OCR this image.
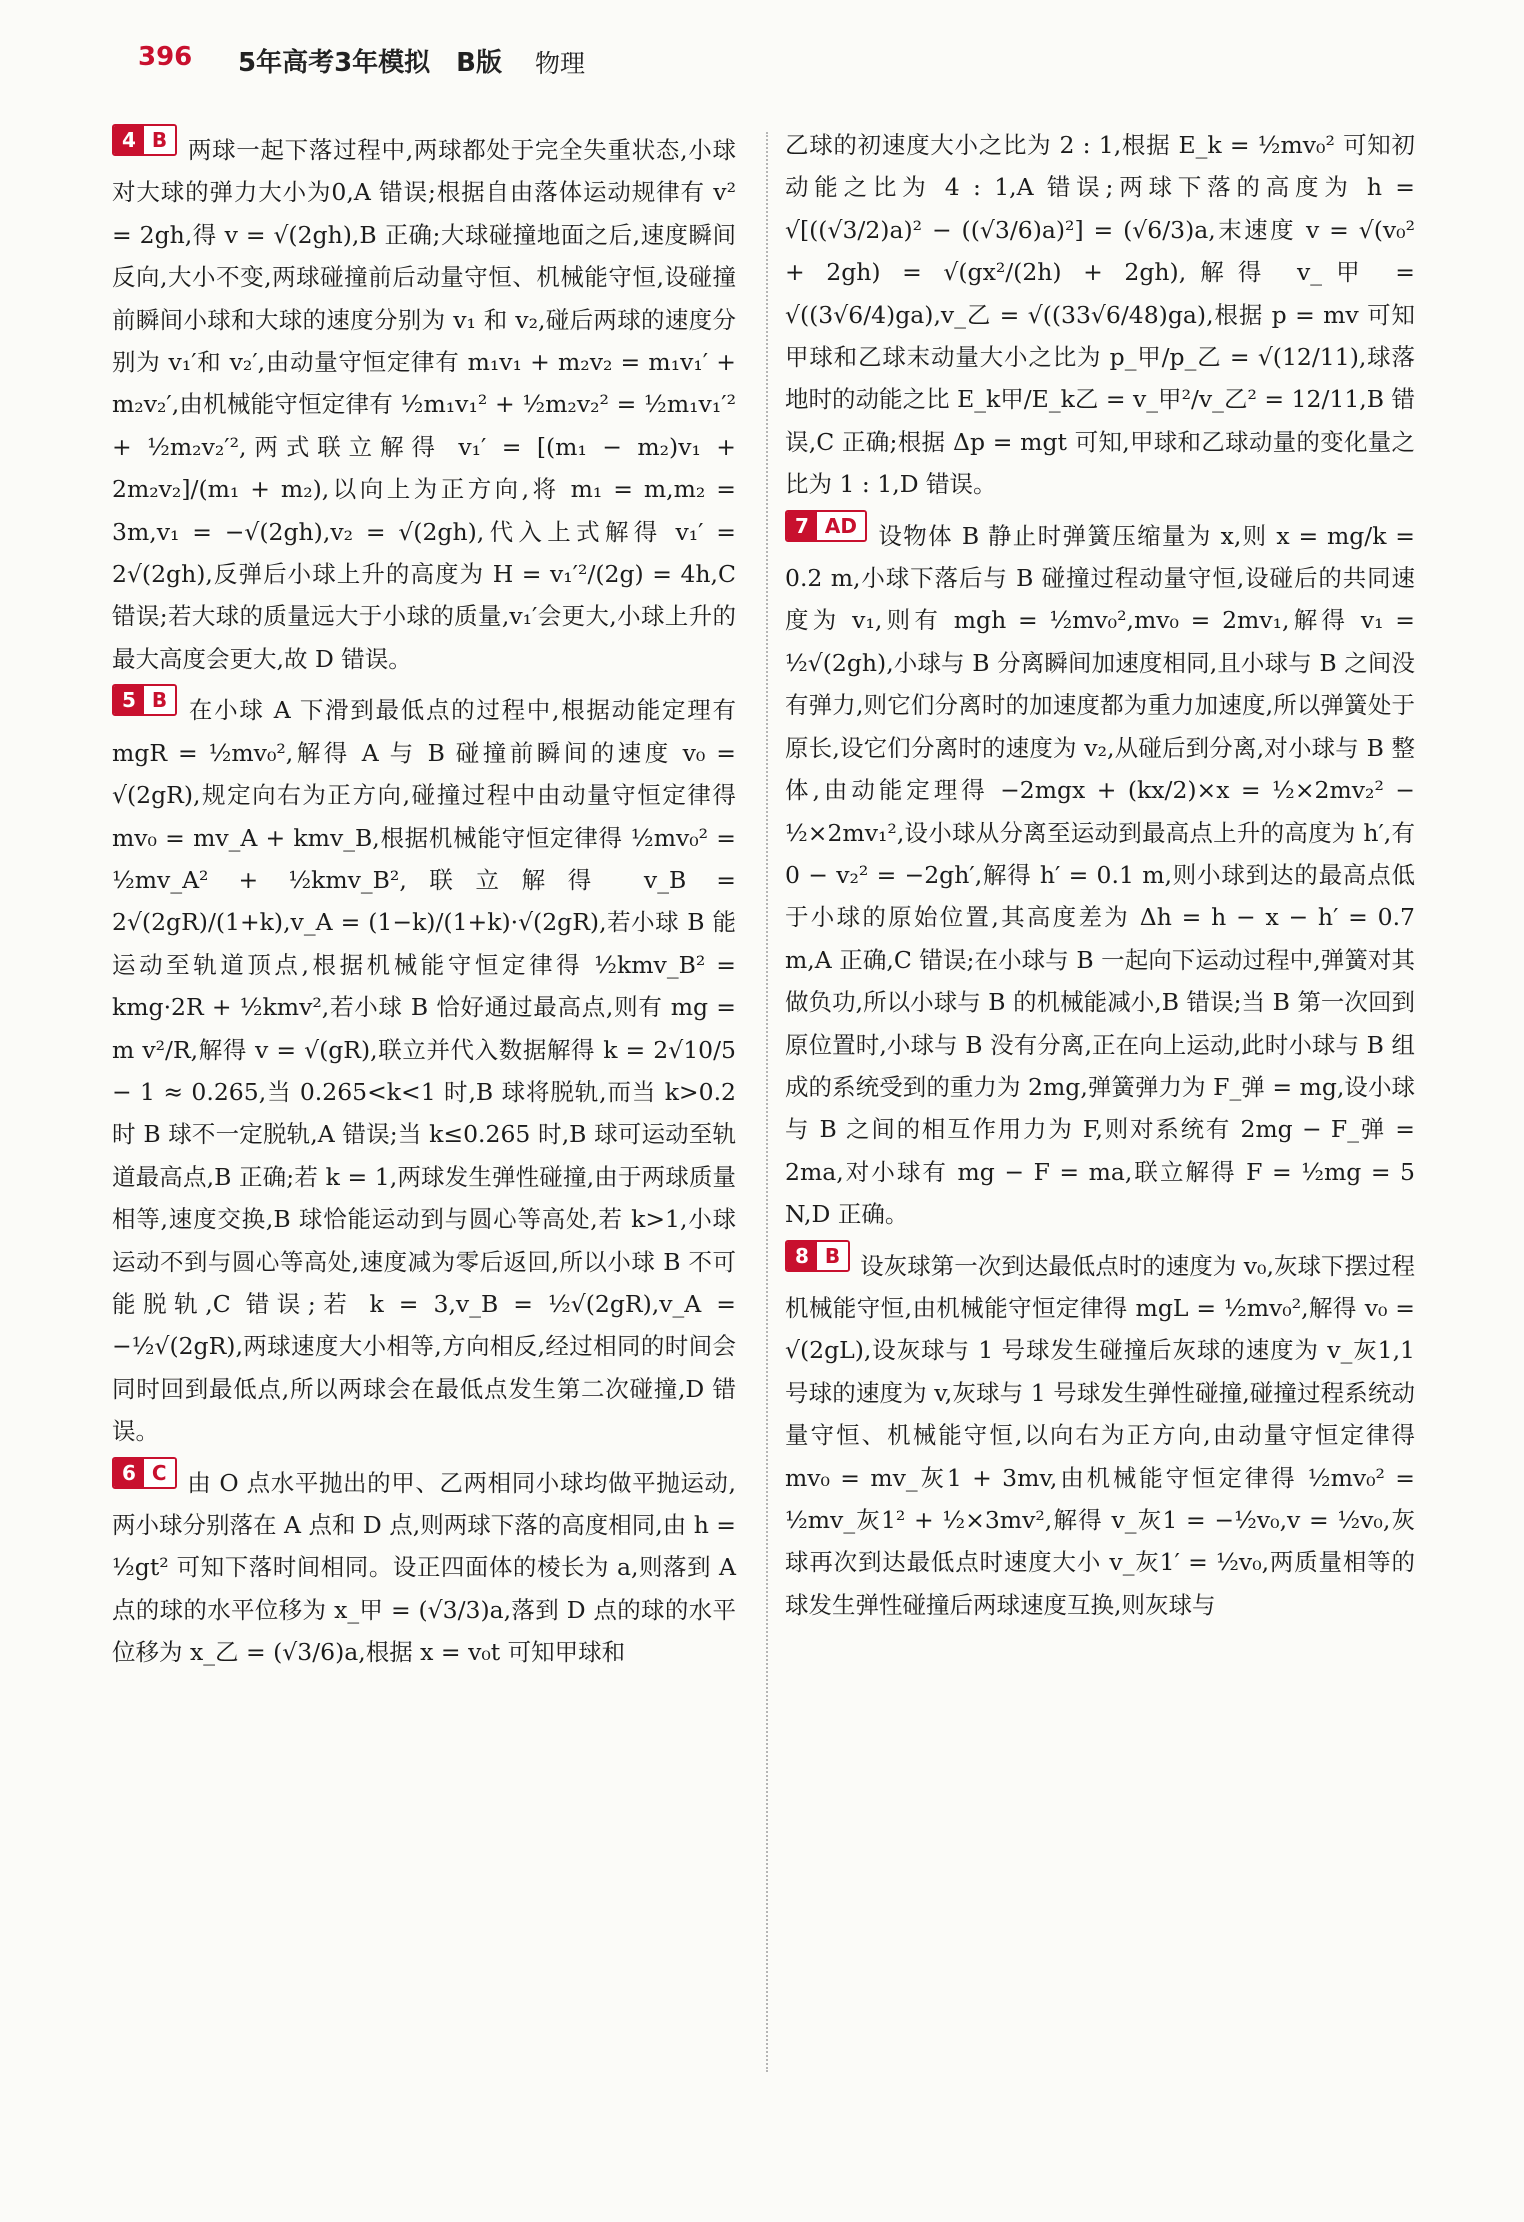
396 5年高考3年模拟　B版 物理

4 B 两球一起下落过程中,两球都处于完全失重状态,小球对大球的弹力大小为0,A 错误;根据自由落体运动规律有 v² = 2gh,得 v = √(2gh),B 正确;大球碰撞地面之后,速度瞬间反向,大小不变,两球碰撞前后动量守恒、机械能守恒,设碰撞前瞬间小球和大球的速度分别为 v₁ 和 v₂,碰后两球的速度分别为 v₁′和 v₂′,由动量守恒定律有 m₁v₁ + m₂v₂ = m₁v₁′ + m₂v₂′,由机械能守恒定律有 ½m₁v₁² + ½m₂v₂² = ½m₁v₁′² + ½m₂v₂′²,两式联立解得 v₁′ = [(m₁ − m₂)v₁ + 2m₂v₂]/(m₁ + m₂),以向上为正方向,将 m₁ = m,m₂ = 3m,v₁ = −√(2gh),v₂ = √(2gh),代入上式解得 v₁′ = 2√(2gh),反弹后小球上升的高度为 H = v₁′²/(2g) = 4h,C 错误;若大球的质量远大于小球的质量,v₁′会更大,小球上升的最大高度会更大,故 D 错误。

5 B 在小球 A 下滑到最低点的过程中,根据动能定理有 mgR = ½mv₀²,解得 A 与 B 碰撞前瞬间的速度 v₀ = √(2gR),规定向右为正方向,碰撞过程中由动量守恒定律得 mv₀ = mv_A + kmv_B,根据机械能守恒定律得 ½mv₀² = ½mv_A² + ½kmv_B²,联立解得 v_B = 2√(2gR)/(1+k),v_A = (1−k)/(1+k)·√(2gR),若小球 B 能运动至轨道顶点,根据机械能守恒定律得 ½kmv_B² = kmg·2R + ½kmv²,若小球 B 恰好通过最高点,则有 mg = m v²/R,解得 v = √(gR),联立并代入数据解得 k = 2√10/5 − 1 ≈ 0.265,当 0.265<k<1 时,B 球将脱轨,而当 k>0.2 时 B 球不一定脱轨,A 错误;当 k≤0.265 时,B 球可运动至轨道最高点,B 正确;若 k = 1,两球发生弹性碰撞,由于两球质量相等,速度交换,B 球恰能运动到与圆心等高处,若 k>1,小球运动不到与圆心等高处,速度减为零后返回,所以小球 B 不可能脱轨,C 错误;若 k = 3,v_B = ½√(2gR),v_A = −½√(2gR),两球速度大小相等,方向相反,经过相同的时间会同时回到最低点,所以两球会在最低点发生第二次碰撞,D 错误。

6 C 由 O 点水平抛出的甲、乙两相同小球均做平抛运动,两小球分别落在 A 点和 D 点,则两球下落的高度相同,由 h = ½gt² 可知下落时间相同。设正四面体的棱长为 a,则落到 A 点的球的水平位移为 x_甲 = (√3/3)a,落到 D 点的球的水平位移为 x_乙 = (√3/6)a,根据 x = v₀t 可知甲球和

乙球的初速度大小之比为 2 : 1,根据 E_k = ½mv₀² 可知初动能之比为 4 : 1,A 错误;两球下落的高度为 h = √[((√3/2)a)² − ((√3/6)a)²] = (√6/3)a,末速度 v = √(v₀² + 2gh) = √(gx²/(2h) + 2gh),解得 v_甲 = √((3√6/4)ga),v_乙 = √((33√6/48)ga),根据 p = mv 可知甲球和乙球末动量大小之比为 p_甲/p_乙 = √(12/11),球落地时的动能之比 E_k甲/E_k乙 = v_甲²/v_乙² = 12/11,B 错误,C 正确;根据 Δp = mgt 可知,甲球和乙球动量的变化量之比为 1 : 1,D 错误。

7 AD 设物体 B 静止时弹簧压缩量为 x,则 x = mg/k = 0.2 m,小球下落后与 B 碰撞过程动量守恒,设碰后的共同速度为 v₁,则有 mgh = ½mv₀²,mv₀ = 2mv₁,解得 v₁ = ½√(2gh),小球与 B 分离瞬间加速度相同,且小球与 B 之间没有弹力,则它们分离时的加速度都为重力加速度,所以弹簧处于原长,设它们分离时的速度为 v₂,从碰后到分离,对小球与 B 整体,由动能定理得 −2mgx + (kx/2)×x = ½×2mv₂² − ½×2mv₁²,设小球从分离至运动到最高点上升的高度为 h′,有 0 − v₂² = −2gh′,解得 h′ = 0.1 m,则小球到达的最高点低于小球的原始位置,其高度差为 Δh = h − x − h′ = 0.7 m,A 正确,C 错误;在小球与 B 一起向下运动过程中,弹簧对其做负功,所以小球与 B 的机械能减小,B 错误;当 B 第一次回到原位置时,小球与 B 没有分离,正在向上运动,此时小球与 B 组成的系统受到的重力为 2mg,弹簧弹力为 F_弹 = mg,设小球与 B 之间的相互作用力为 F,则对系统有 2mg − F_弹 = 2ma,对小球有 mg − F = ma,联立解得 F = ½mg = 5 N,D 正确。

8 B 设灰球第一次到达最低点时的速度为 v₀,灰球下摆过程机械能守恒,由机械能守恒定律得 mgL = ½mv₀²,解得 v₀ = √(2gL),设灰球与 1 号球发生碰撞后灰球的速度为 v_灰1,1 号球的速度为 v,灰球与 1 号球发生弹性碰撞,碰撞过程系统动量守恒、机械能守恒,以向右为正方向,由动量守恒定律得 mv₀ = mv_灰1 + 3mv,由机械能守恒定律得 ½mv₀² = ½mv_灰1² + ½×3mv²,解得 v_灰1 = −½v₀,v = ½v₀,灰球再次到达最低点时速度大小 v_灰1′ = ½v₀,两质量相等的球发生弹性碰撞后两球速度互换,则灰球与
